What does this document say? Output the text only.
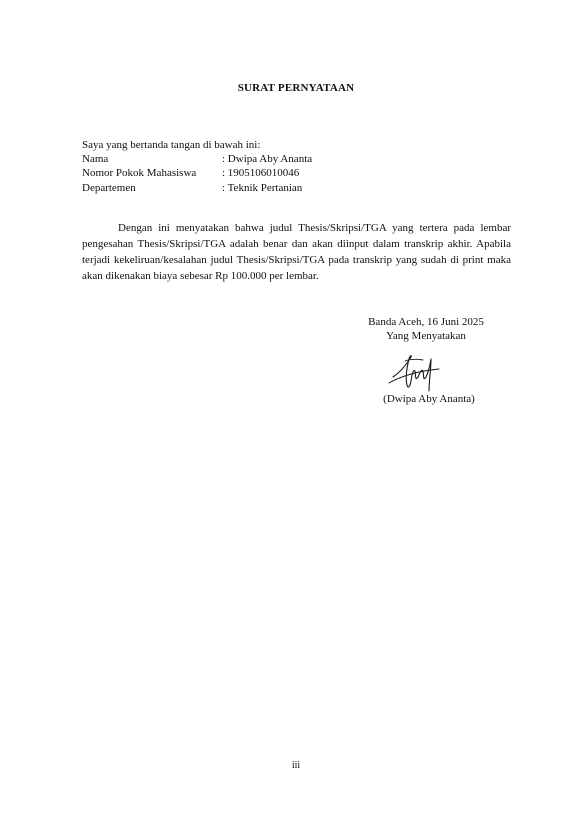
SURAT PERNYATAAN
Saya yang bertanda tangan di bawah ini:
Nama	: Dwipa Aby Ananta
Nomor Pokok Mahasiswa : 1905106010046
Departemen	: Teknik Pertanian
Dengan ini menyatakan bahwa judul Thesis/Skripsi/TGA yang tertera pada lembar pengesahan Thesis/Skripsi/TGA adalah benar dan akan diinput dalam transkrip akhir. Apabila terjadi kekeliruan/kesalahan judul Thesis/Skripsi/TGA pada transkrip yang sudah di print maka akan dikenakan biaya sebesar Rp 100.000 per lembar.
Banda Aceh, 16 Juni 2025
Yang Menyatakan
(Dwipa Aby Ananta)
iii
